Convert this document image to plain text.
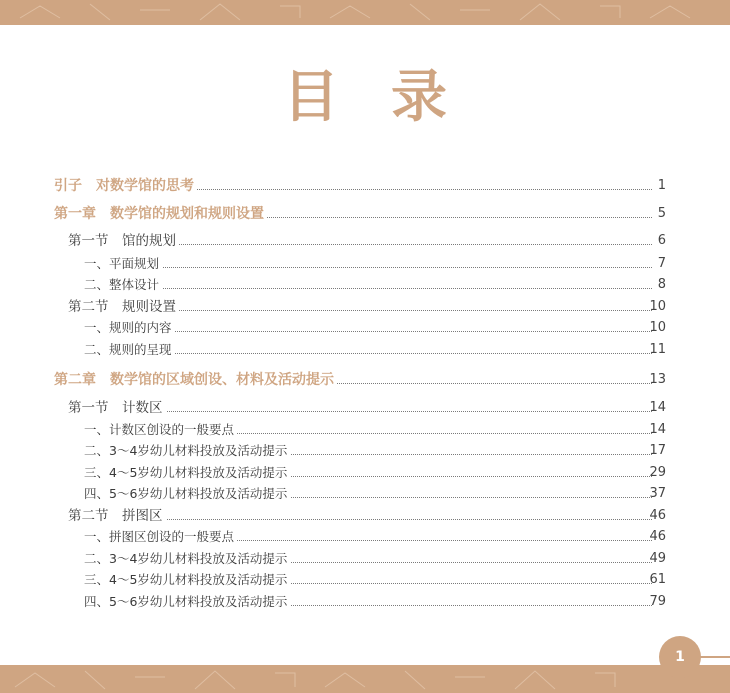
目录
引子　对数学馆的思考	1
第一章　数学馆的规划和规则设置	5
第一节　馆的规划	6
一、平面规划	7
二、整体设计	8
第二节　规则设置	10
一、规则的内容	10
二、规则的呈现	11
第二章　数学馆的区域创设、材料及活动提示	13
第一节　计数区	14
一、计数区创设的一般要点	14
二、3～4岁幼儿材料投放及活动提示	17
三、4～5岁幼儿材料投放及活动提示	29
四、5～6岁幼儿材料投放及活动提示	37
第二节　拼图区	46
一、拼图区创设的一般要点	46
二、3～4岁幼儿材料投放及活动提示	49
三、4～5岁幼儿材料投放及活动提示	61
四、5～6岁幼儿材料投放及活动提示	79
1
